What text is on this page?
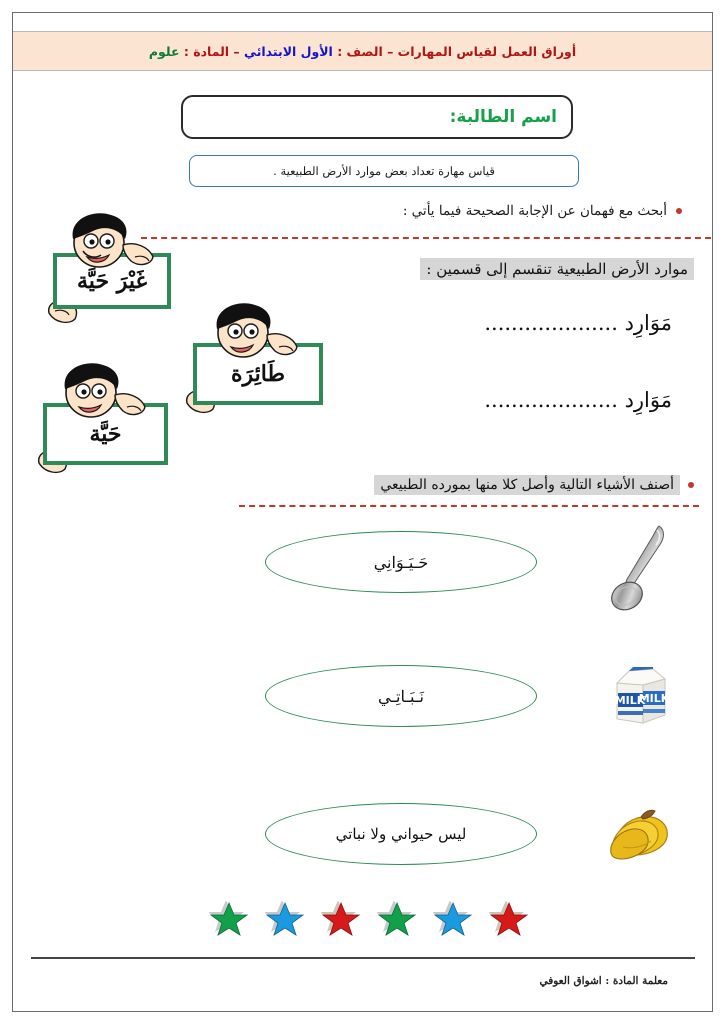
أوراق العمل لقياس المهارات – الصف : الأول الابتدائي – المادة : علوم
اسم الطالبة:
قياس مهارة تعداد بعض موارد الأرض الطبيعية .
أبحث مع فهمان عن الإجابة الصحيحة فيما يأتي :
موارد الأرض الطبيعية تنقسم إلى قسمين :
مَوَارِد ....................
مَوَارِد ....................
غَيْرَ حَيَّة
طَائِرَة
حَيَّة
أصنف الأشياء التالية وأصل كلا منها بمورده الطبيعي
حَـيَـوَانِي
نَـبَـاتِـي
ليس حيواني ولا نباتي
MILK
MILK
معلمة المادة : اشواق العوفي
